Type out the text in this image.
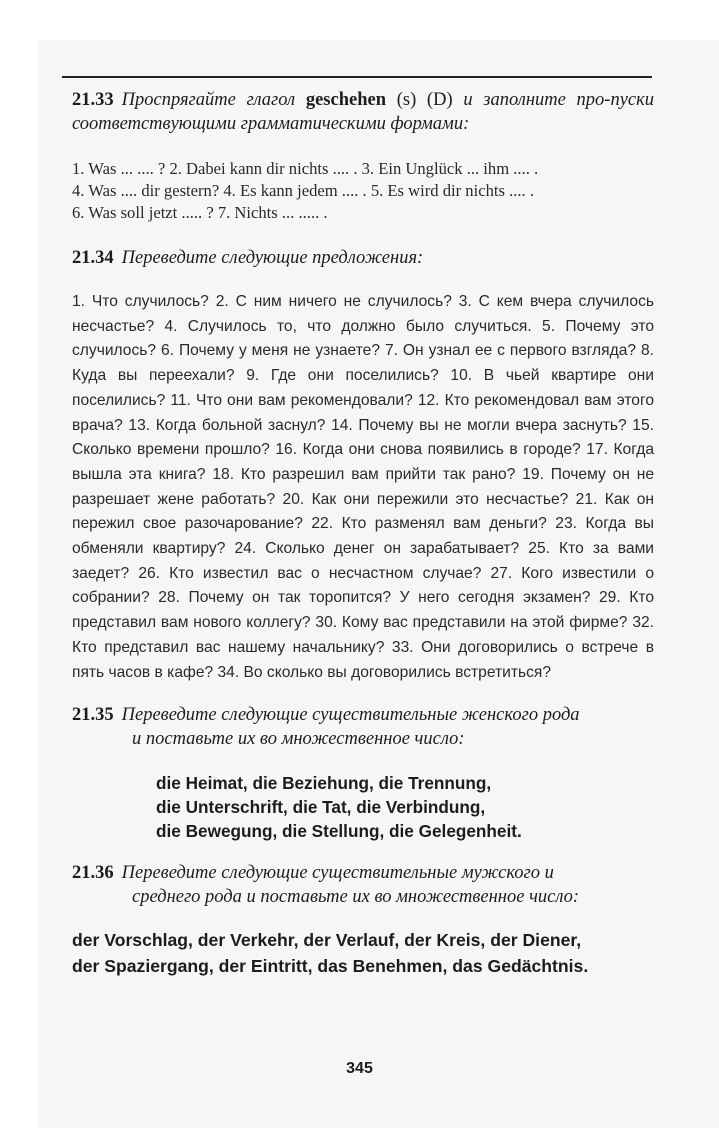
21.33 Проспрягайте глагол geschehen (s) (D) и заполните про-пуски соответствующими грамматическими формами:
1. Was ... .... ? 2. Dabei kann dir nichts .... . 3. Ein Unglück ... ihm .... .
4. Was .... dir gestern? 4. Es kann jedem .... . 5. Es wird dir nichts .... .
6. Was soll jetzt ..... ? 7. Nichts ... ..... .
21.34 Переведите следующие предложения:
1. Что случилось? 2. С ним ничего не случилось? 3. С кем вчера случилось несчастье? 4. Случилось то, что должно было случиться. 5. Почему это случилось? 6. Почему у меня не узнаете? 7. Он узнал ее с первого взгляда? 8. Куда вы переехали? 9. Где они поселились? 10. В чьей квартире они поселились? 11. Что они вам рекомендовали? 12. Кто рекомендовал вам этого врача? 13. Когда больной заснул? 14. Почему вы не могли вчера заснуть? 15. Сколько времени прошло? 16. Когда они снова появились в городе? 17. Когда вышла эта книга? 18. Кто разрешил вам прийти так рано? 19. Почему он не разрешает жене работать? 20. Как они пережили это несчастье? 21. Как он пережил свое разочарование? 22. Кто разменял вам деньги? 23. Когда вы обменяли квартиру? 24. Сколько денег он зарабатывает? 25. Кто за вами заедет? 26. Кто известил вас о несчастном случае? 27. Кого известили о собрании? 28. Почему он так торопится? У него сегодня экзамен? 29. Кто представил вам нового коллегу? 30. Кому вас представили на этой фирме? 32. Кто представил вас нашему начальнику? 33. Они договорились о встрече в пять часов в кафе? 34. Во сколько вы договорились встретиться?
21.35 Переведите следующие существительные женского рода
и поставьте их во множественное число:
die Heimat, die Beziehung, die Trennung,
die Unterschrift, die Tat, die Verbindung,
die Bewegung, die Stellung, die Gelegenheit.
21.36 Переведите следующие существительные мужского и
среднего рода и поставьте их во множественное число:
der Vorschlag, der Verkehr, der Verlauf, der Kreis, der Diener,
der Spaziergang, der Eintritt, das Benehmen, das Gedächtnis.
345
